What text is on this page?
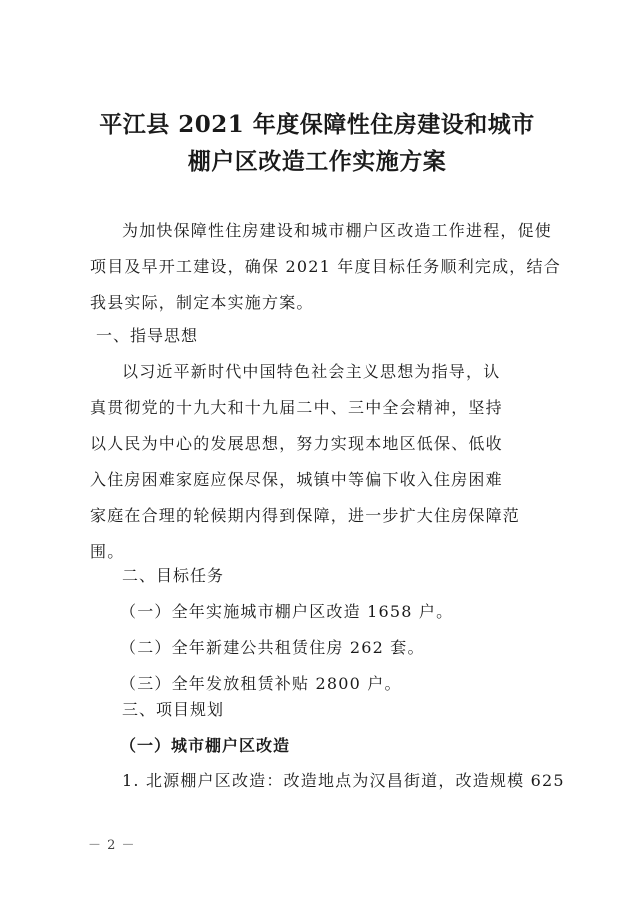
平江县 2021 年度保障性住房建设和城市
棚户区改造工作实施方案
为加快保障性住房建设和城市棚户区改造工作进程，促使
项目及早开工建设，确保 2021 年度目标任务顺利完成，结合
我县实际，制定本实施方案。
一、指导思想
以习近平新时代中国特色社会主义思想为指导，认
真贯彻党的十九大和十九届二中、三中全会精神，坚持
以人民为中心的发展思想，努力实现本地区低保、低收
入住房困难家庭应保尽保，城镇中等偏下收入住房困难
家庭在合理的轮候期内得到保障，进一步扩大住房保障范
围。
二、目标任务
（一）全年实施城市棚户区改造 1658 户。
（二）全年新建公共租赁住房 262 套。
（三）全年发放租赁补贴 2800 户。
三、项目规划
（一）城市棚户区改造
1. 北源棚户区改造：改造地点为汉昌街道，改造规模 625
－ 2 －
